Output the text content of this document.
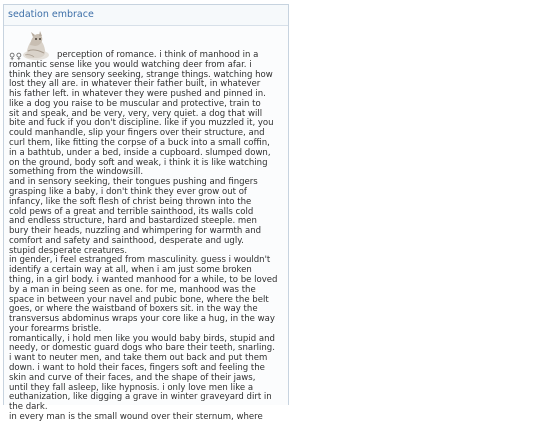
sedation embrace
♀♀	perception of romance. i think of manhood in a
romantic sense like you would watching deer from afar. i
think they are sensory seeking, strange things. watching how
lost they all are. in whatever their father built, in whatever
his father left. in whatever they were pushed and pinned in.
like a dog you raise to be muscular and protective, train to
sit and speak, and be very, very, very quiet. a dog that will
bite and fuck if you don't discipline. like if you muzzled it, you
could manhandle, slip your fingers over their structure, and
curl them, like fitting the corpse of a buck into a small coffin,
in a bathtub, under a bed, inside a cupboard. slumped down,
on the ground, body soft and weak, i think it is like watching
something from the windowsill.
and in sensory seeking, their tongues pushing and fingers
grasping like a baby, i don't think they ever grow out of
infancy, like the soft flesh of christ being thrown into the
cold pews of a great and terrible sainthood, its walls cold
and endless structure, hard and bastardized steeple. men
bury their heads, nuzzling and whimpering for warmth and
comfort and safety and sainthood, desperate and ugly.
stupid desperate creatures.
in gender, i feel estranged from masculinity. guess i wouldn't
identify a certain way at all, when i am just some broken
thing, in a girl body. i wanted manhood for a while, to be loved
by a man in being seen as one. for me, manhood was the
space in between your navel and pubic bone, where the belt
goes, or where the waistband of boxers sit. in the way the
transversus abdominus wraps your core like a hug, in the way
your forearms bristle.
romantically, i hold men like you would baby birds, stupid and
needy, or domestic guard dogs who bare their teeth, snarling.
i want to neuter men, and take them out back and put them
down. i want to hold their faces, fingers soft and feeling the
skin and curve of their faces, and the shape of their jaws,
until they fall asleep, like hypnosis. i only love men like a
euthanization, like digging a grave in winter graveyard dirt in
the dark.
in every man is the small wound over their sternum, where
